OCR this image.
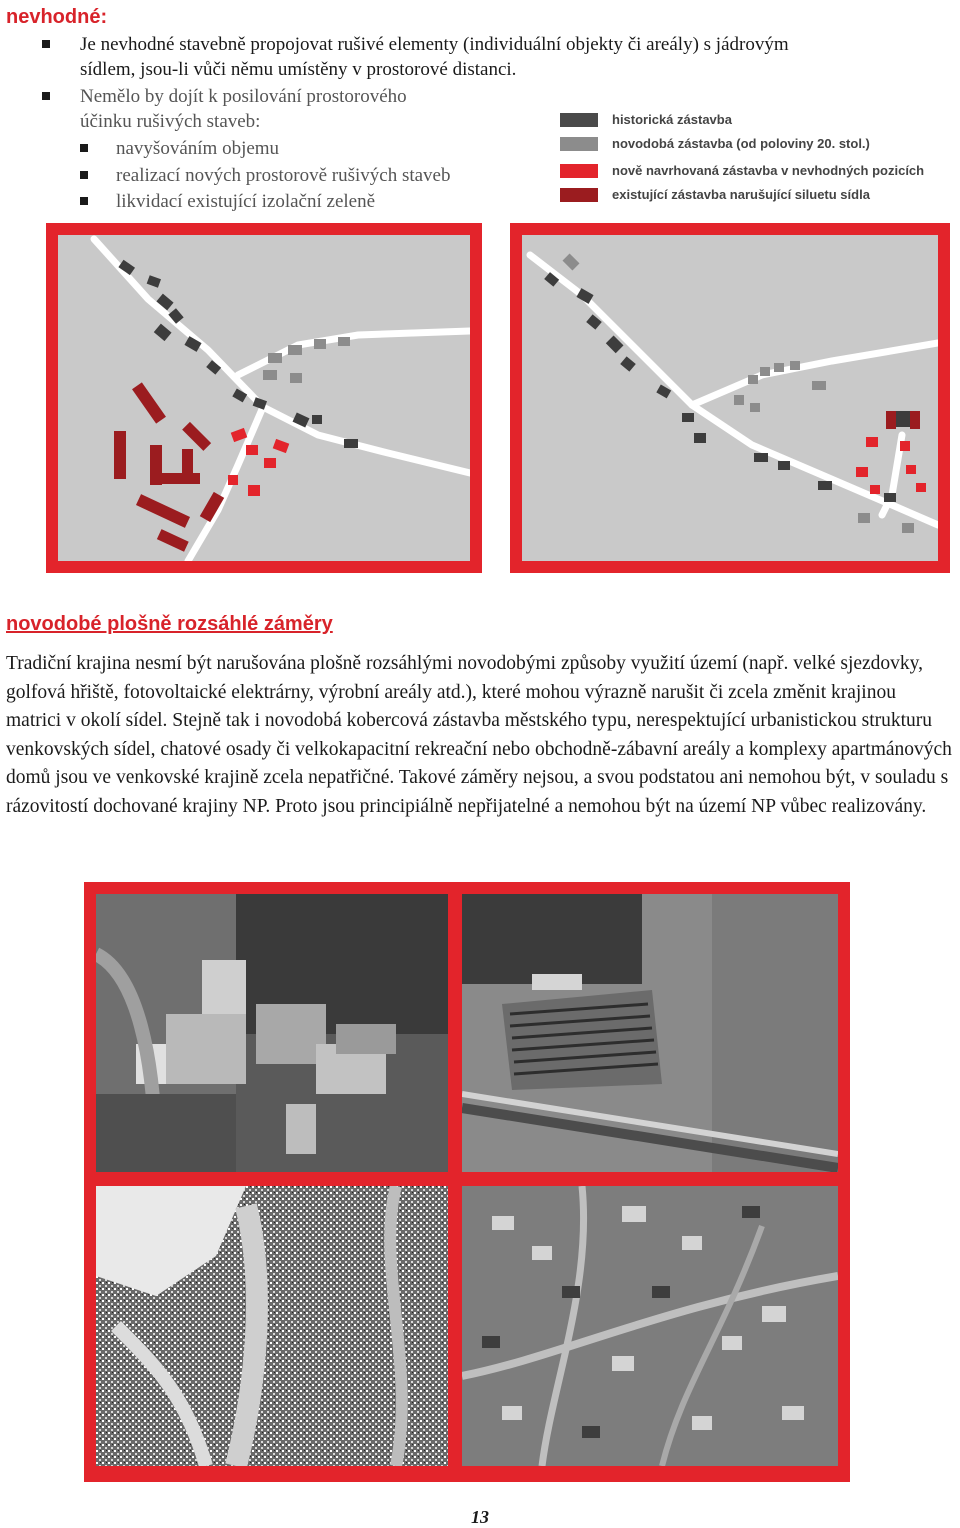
nevhodné:
Je nevhodné stavebně propojovat rušivé elementy (individuální objekty či areály) s jádrovým
sídlem, jsou-li vůči němu umístěny v prostorové distanci.
Nemělo by dojít k posilování prostorového
účinku rušivých staveb:
navyšováním objemu
realizací nových prostorově rušivých staveb
likvidací existující izolační zeleně
historická zástavba
novodobá zástavba (od poloviny 20. stol.)
nově navrhovaná zástavba v nevhodných pozicích
existující zástavba narušující siluetu sídla
novodobé plošně rozsáhlé záměry

Tradiční krajina nesmí být narušována plošně rozsáhlými novodobými způsoby využití území (např. velké sjezdovky, golfová hřiště, fotovoltaické elektrárny, výrobní areály atd.), které mohou výrazně narušit či zcela změnit krajinou matrici v okolí sídel. Stejně tak i novodobá kobercová zástavba městského typu, nerespektující urbanistickou strukturu venkovských sídel, chatové osady či velkokapacitní rekreační nebo obchodně-zábavní areály a komplexy apartmánových domů jsou ve venkovské krajině zcela nepatřičné. Takové záměry nejsou, a svou podstatou ani nemohou být, v souladu s rázovitostí dochované krajiny NP. Proto jsou principiálně nepřijatelné a nemohou být na území NP vůbec realizovány.

13
